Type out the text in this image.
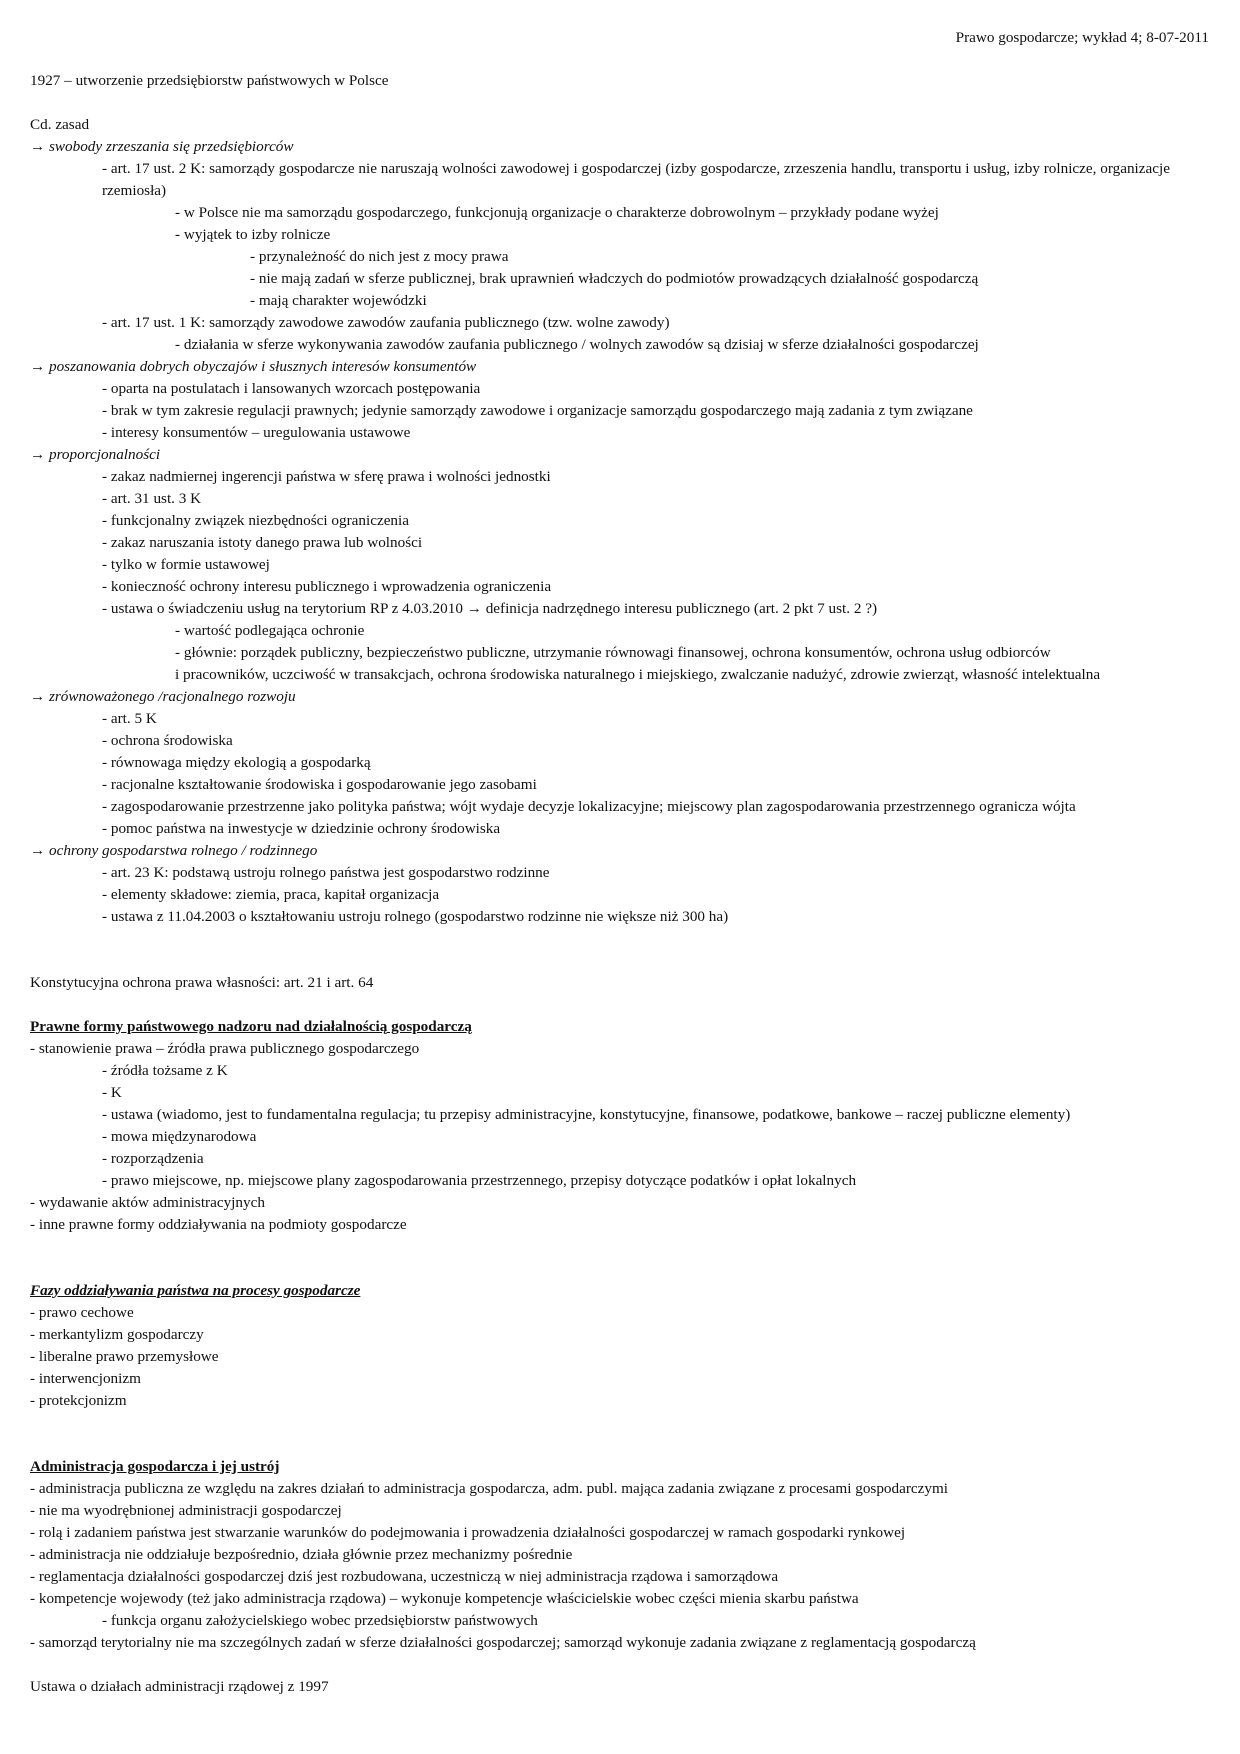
Prawo gospodarcze; wykład 4; 8-07-2011
1927 – utworzenie przedsiębiorstw państwowych w Polsce
Cd. zasad
→ swobody zrzeszania się przedsiębiorców
- art. 17 ust. 2 K: samorządy gospodarcze nie naruszają wolności zawodowej i gospodarczej (izby gospodarcze, zrzeszenia handlu, transportu i usług, izby rolnicze, organizacje rzemiosła)
- w Polsce nie ma samorządu gospodarczego, funkcjonują organizacje o charakterze dobrowolnym – przykłady podane wyżej
- wyjątek to izby rolnicze
- przynależność do nich jest z mocy prawa
- nie mają zadań w sferze publicznej, brak uprawnień władczych do podmiotów prowadzących działalność gospodarczą
- mają charakter wojewódzki
- art. 17 ust. 1 K: samorządy zawodowe zawodów zaufania publicznego (tzw. wolne zawody)
- działania w sferze wykonywania zawodów zaufania publicznego / wolnych zawodów są dzisiaj w sferze działalności gospodarczej
→ poszanowania dobrych obyczajów i słusznych interesów konsumentów
- oparta na postulatach i lansowanych wzorcach postępowania
- brak w tym zakresie regulacji prawnych; jedynie samorządy zawodowe i organizacje samorządu gospodarczego mają zadania z tym związane
- interesy konsumentów – uregulowania ustawowe
→ proporcjonalności
- zakaz nadmiernej ingerencji państwa w sferę prawa i wolności jednostki
- art. 31 ust. 3 K
- funkcjonalny związek niezbędności ograniczenia
- zakaz naruszania istoty danego prawa lub wolności
- tylko w formie ustawowej
- konieczność ochrony interesu publicznego i wprowadzenia ograniczenia
- ustawa o świadczeniu usług na terytorium RP z 4.03.2010 → definicja nadrzędnego interesu publicznego (art. 2 pkt 7 ust. 2 ?)
- wartość podlegająca ochronie
- głównie: porządek publiczny, bezpieczeństwo publiczne, utrzymanie równowagi finansowej, ochrona konsumentów, ochrona usług odbiorców
i pracowników, uczciwość w transakcjach, ochrona środowiska naturalnego i miejskiego, zwalczanie nadużyć, zdrowie zwierząt, własność intelektualna
→ zrównoważonego /racjonalnego rozwoju
- art. 5 K
- ochrona środowiska
- równowaga między ekologią a gospodarką
- racjonalne kształtowanie środowiska i gospodarowanie jego zasobami
- zagospodarowanie przestrzenne jako polityka państwa; wójt wydaje decyzje lokalizacyjne; miejscowy plan zagospodarowania przestrzennego ogranicza wójta
- pomoc państwa na inwestycje w dziedzinie ochrony środowiska
→ ochrony gospodarstwa rolnego / rodzinnego
- art. 23 K: podstawą ustroju rolnego państwa jest gospodarstwo rodzinne
- elementy składowe: ziemia, praca, kapitał organizacja
- ustawa z 11.04.2003 o kształtowaniu ustroju rolnego (gospodarstwo rodzinne nie większe niż 300 ha)
Konstytucyjna ochrona prawa własności: art. 21 i art. 64
Prawne formy państwowego nadzoru nad działalnością gospodarczą
- stanowienie prawa – źródła prawa publicznego gospodarczego
- źródła tożsame z K
- K
- ustawa (wiadomo, jest to fundamentalna regulacja; tu przepisy administracyjne, konstytucyjne, finansowe, podatkowe, bankowe – raczej publiczne elementy)
- mowa międzynarodowa
- rozporządzenia
- prawo miejscowe, np. miejscowe plany zagospodarowania przestrzennego, przepisy dotyczące podatków i opłat lokalnych
- wydawanie aktów administracyjnych
- inne prawne formy oddziaływania na podmioty gospodarcze
Fazy oddziaływania państwa na procesy gospodarcze
- prawo cechowe
- merkantylizm gospodarczy
- liberalne prawo przemysłowe
- interwencjonizm
- protekcjonizm
Administracja gospodarcza i jej ustrój
- administracja publiczna ze względu na zakres działań to administracja gospodarcza, adm. publ. mająca zadania związane z procesami gospodarczymi
- nie ma wyodrębnionej administracji gospodarczej
- rolą i zadaniem państwa jest stwarzanie warunków do podejmowania i prowadzenia działalności gospodarczej w ramach gospodarki rynkowej
- administracja nie oddziałuje bezpośrednio, działa głównie przez mechanizmy pośrednie
- reglamentacja działalności gospodarczej dziś jest rozbudowana, uczestniczą w niej administracja rządowa i samorządowa
- kompetencje wojewody (też jako administracja rządowa) – wykonuje kompetencje właścicielskie wobec części mienia skarbu państwa
- funkcja organu założycielskiego wobec przedsiębiorstw państwowych
- samorząd terytorialny nie ma szczególnych zadań w sferze działalności gospodarczej; samorząd wykonuje zadania związane z reglamentacją gospodarczą
Ustawa o działach administracji rządowej z 1997
